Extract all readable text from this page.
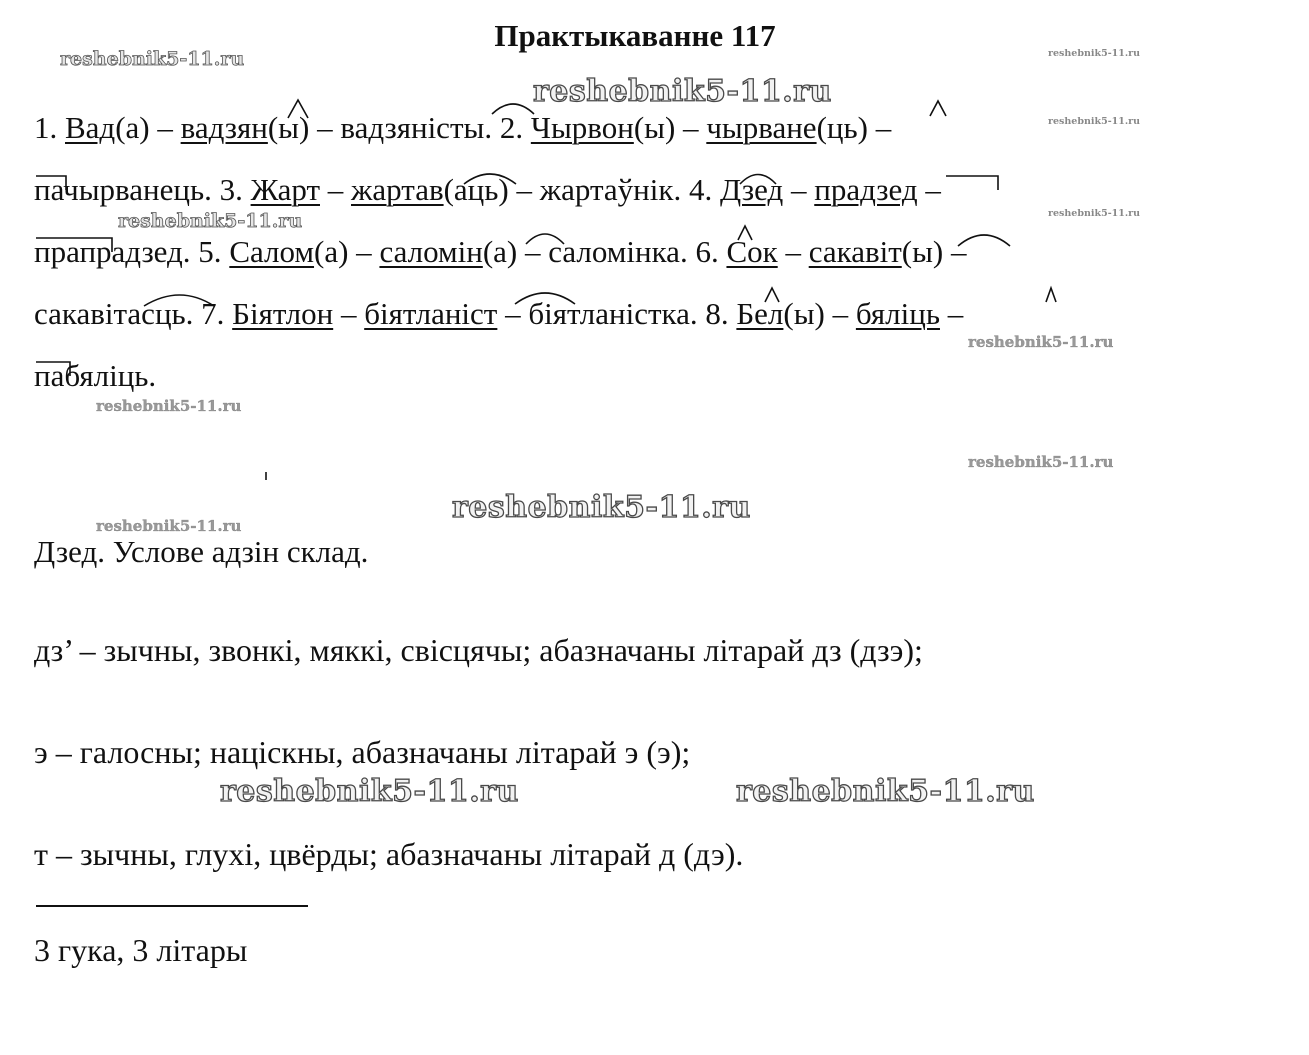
Практыкаванне 117
reshebnik5-11.ru	reshebnik5-11.ru
reshebnik5-11.ru
reshebnik5-11.ru
reshebnik5-11.ru	reshebnik5-11.ru
reshebnik5-11.ru
reshebnik5-11.ru
reshebnik5-11.ru
reshebnik5-11.ru
reshebnik5-11.ru
reshebnik5-11.ru	reshebnik5-11.ru
1. Вад(а) – вадзян(ы) – вадзяністы. 2. Чырвон(ы) – чырване(ць) –
пачырванець. 3. Жарт – жартав(аць) – жартаўнік. 4. Дзед – прадзед –
прапрадзед. 5. Салом(а) – саломін(а) – саломінка. 6. Сок – сакавіт(ы) –
сакавітасць. 7. Біятлон – біятланіст – біятланістка. 8. Бел(ы) – бяліць –
пабяліць.
Дзед. Услове адзін склад.
дз’ – зычны, звонкі, мяккі, свісцячы; абазначаны літарай дз (дзэ);
э – галосны; націскны, абазначаны літарай э (э);
т – зычны, глухі, цвёрды; абазначаны літарай д (дэ).
3 гука, 3 літары
